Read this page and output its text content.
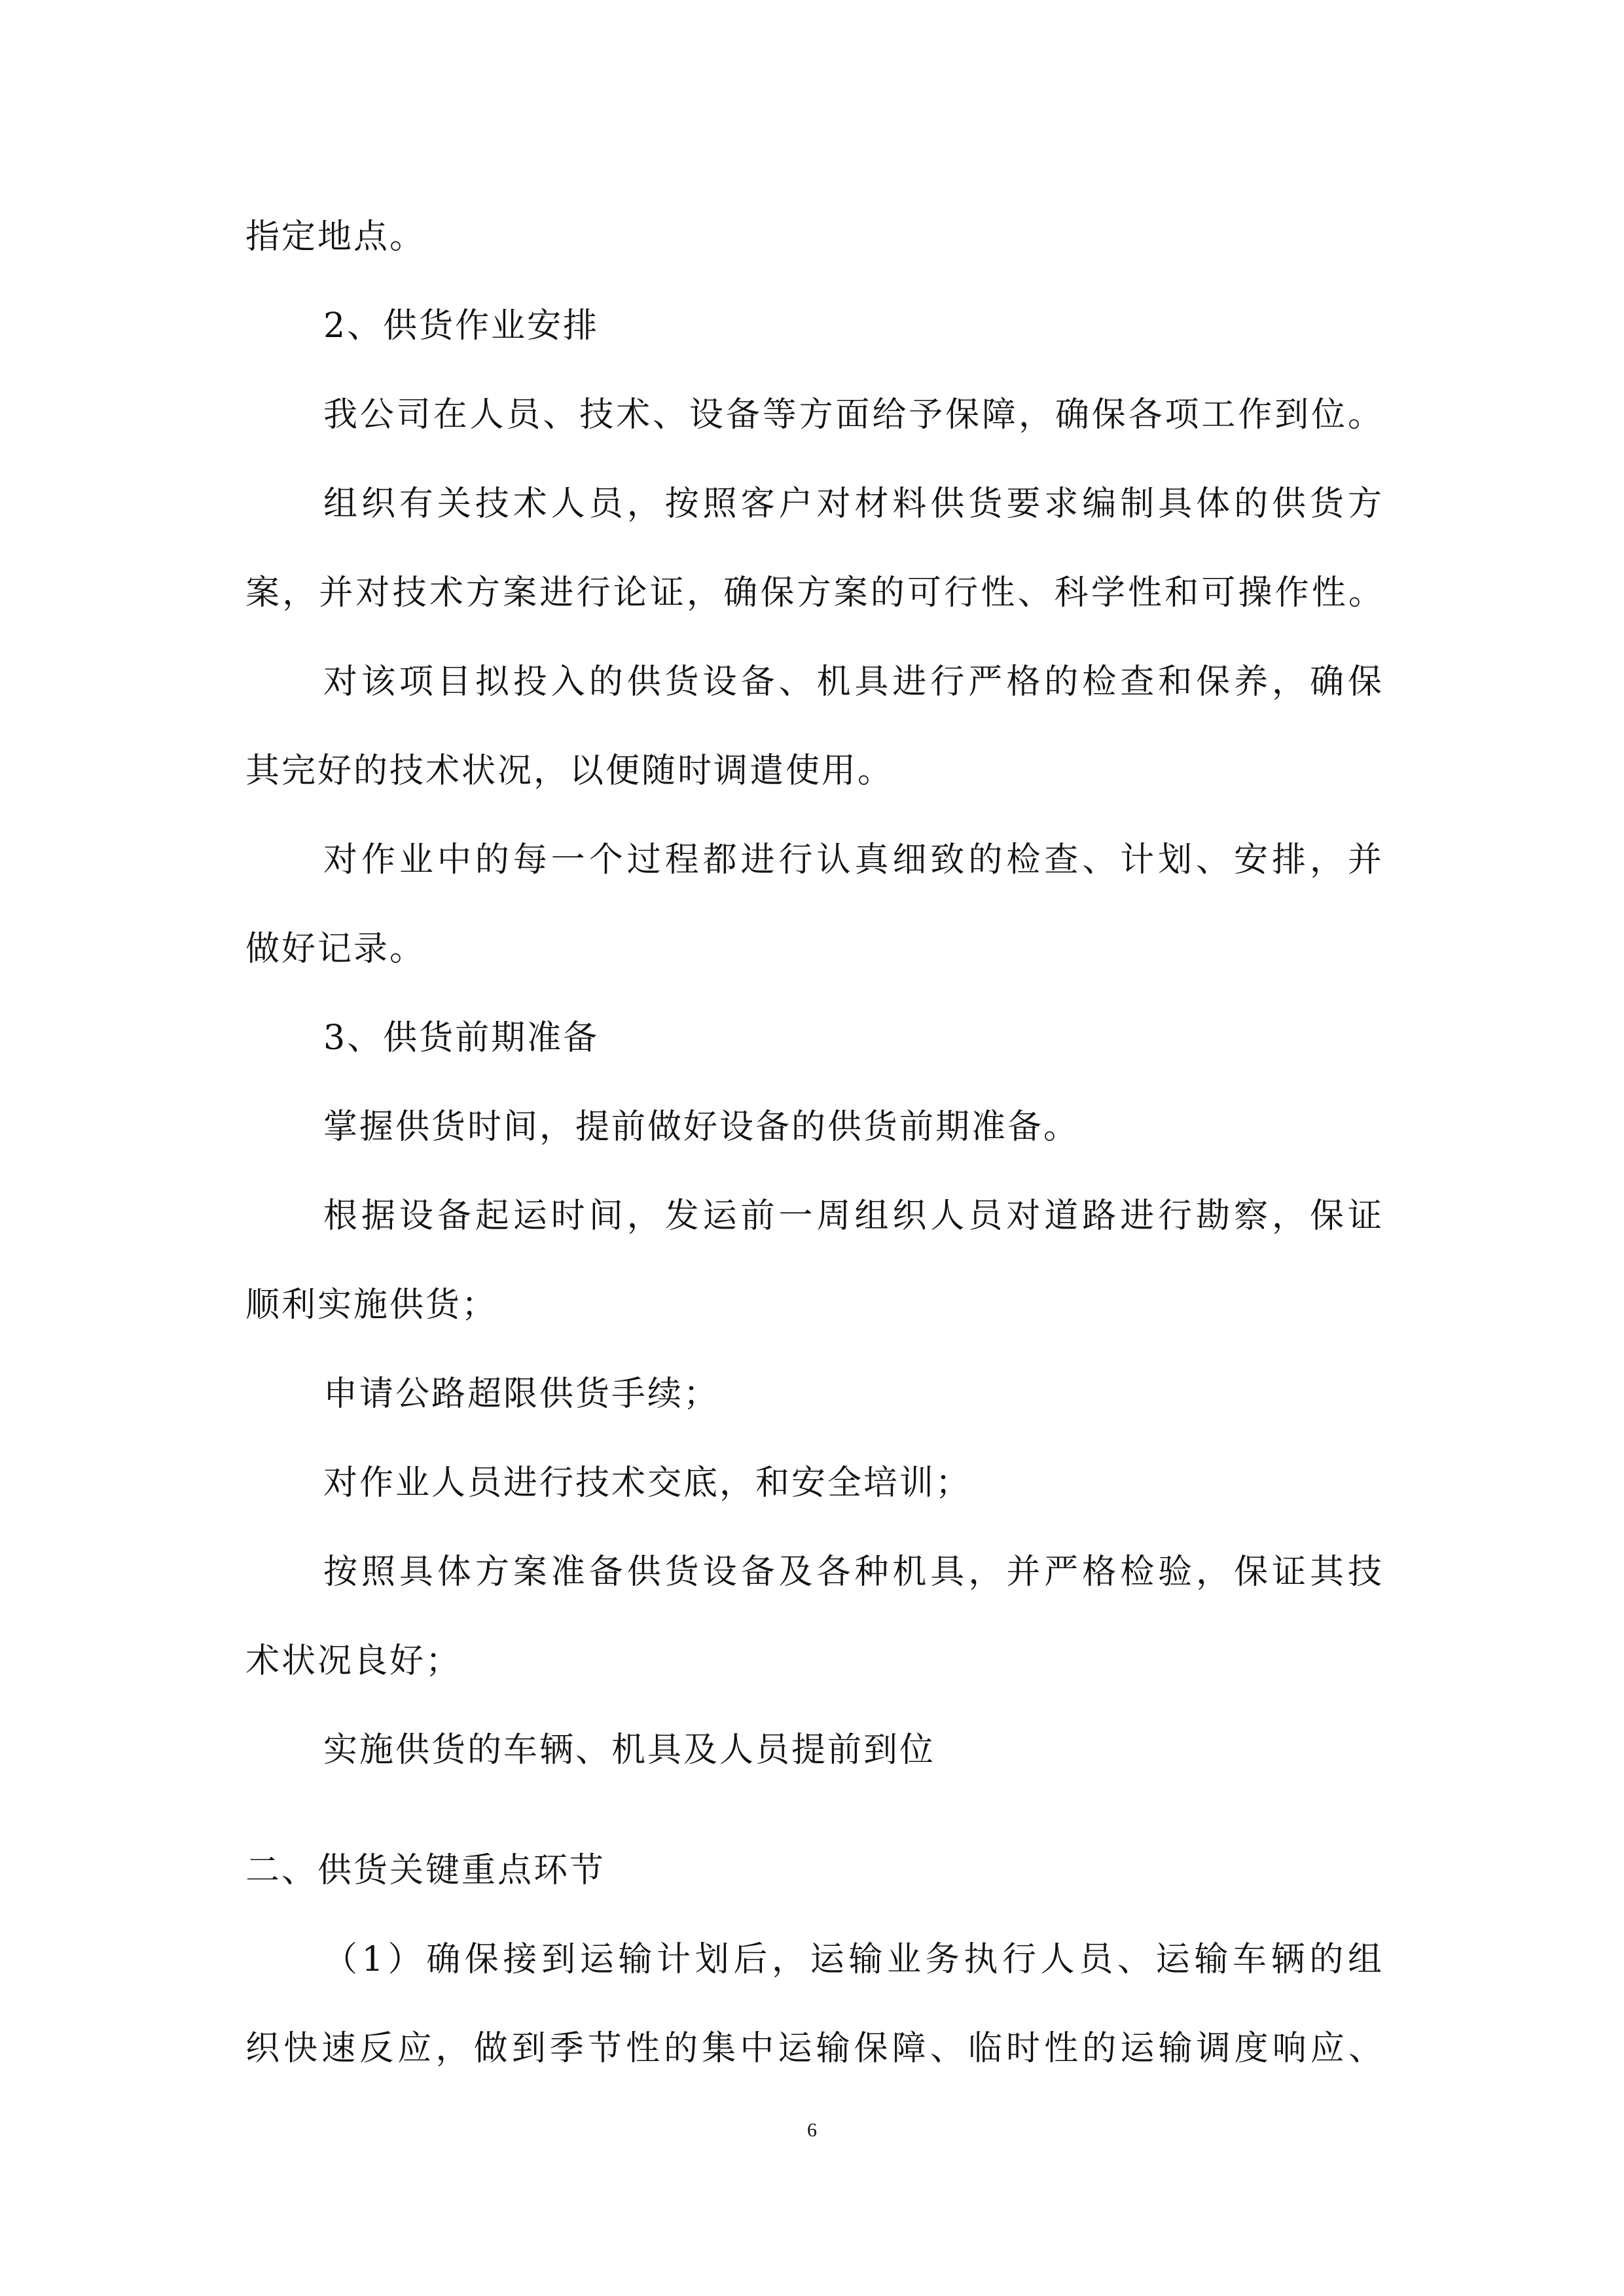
指定地点。
2、供货作业安排
我公司在人员、技术、设备等方面给予保障，确保各项工作到位。
组织有关技术人员，按照客户对材料供货要求编制具体的供货方
案，并对技术方案进行论证，确保方案的可行性、科学性和可操作性。
对该项目拟投入的供货设备、机具进行严格的检查和保养，确保
其完好的技术状况，以便随时调遣使用。
对作业中的每一个过程都进行认真细致的检查、计划、安排，并
做好记录。
3、供货前期准备
掌握供货时间，提前做好设备的供货前期准备。
根据设备起运时间，发运前一周组织人员对道路进行勘察，保证
顺利实施供货；
申请公路超限供货手续；
对作业人员进行技术交底，和安全培训；
按照具体方案准备供货设备及各种机具，并严格检验，保证其技
术状况良好；
实施供货的车辆、机具及人员提前到位
二、供货关键重点环节
（1）确保接到运输计划后，运输业务执行人员、运输车辆的组
织快速反应，做到季节性的集中运输保障、临时性的运输调度响应、
6
